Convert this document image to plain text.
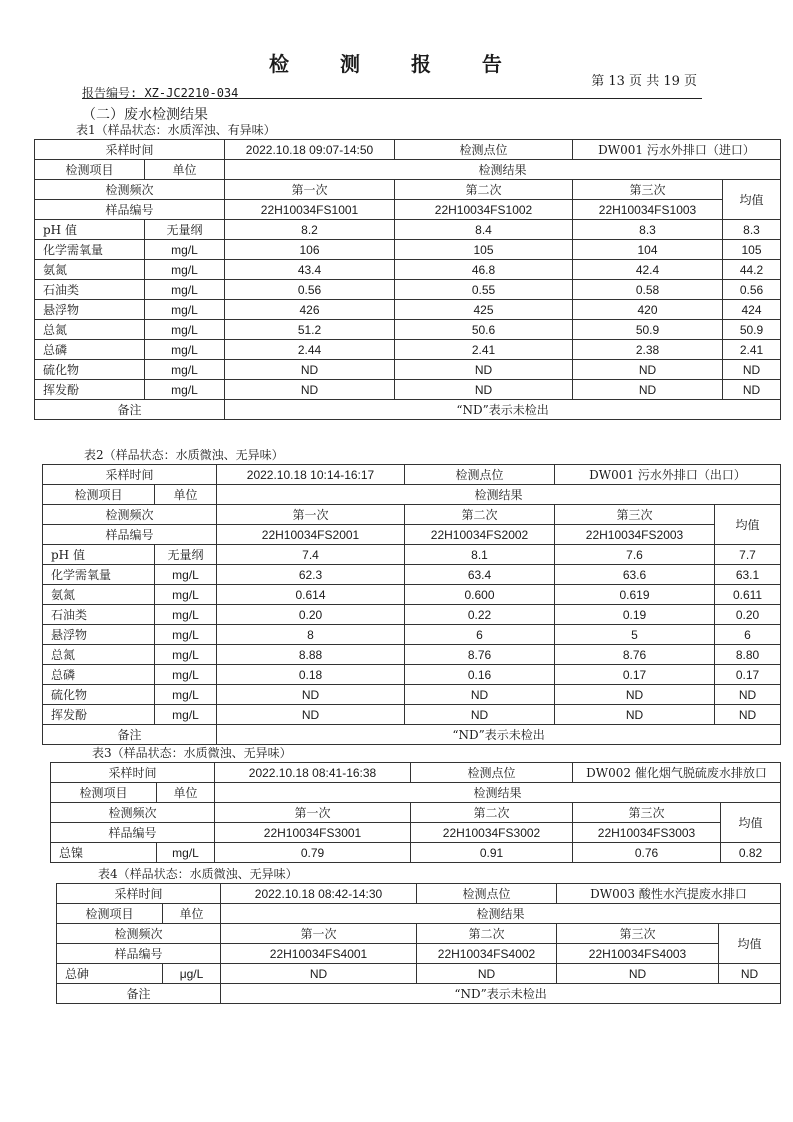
检 测 报 告
第 13 页 共 19 页
报告编号: XZ-JC2210-034
（二）废水检测结果
表1（样品状态：水质浑浊、有异味）
采样时间		2022.10.18 09:07-14:50	检测点位	DW001 污水外排口（进口）	
检测项目	单位	检测结果			
检测频次		第一次	第二次	第三次	均值
样品编号		22H10034FS1001	22H10034FS1002	22H10034FS1003	
pH 值	无量纲	8.2	8.4	8.3	8.3
化学需氧量	mg/L	106	105	104	105
氨氮	mg/L	43.4	46.8	42.4	44.2
石油类	mg/L	0.56	0.55	0.58	0.56
悬浮物	mg/L	426	425	420	424
总氮	mg/L	51.2	50.6	50.9	50.9
总磷	mg/L	2.44	2.41	2.38	2.41
硫化物	mg/L	ND	ND	ND	ND
挥发酚	mg/L	ND	ND	ND	ND
备注		“ND”表示未检出			
表2（样品状态：水质微浊、无异味）
采样时间		2022.10.18 10:14-16:17	检测点位	DW001 污水外排口（出口）	
检测项目	单位	检测结果			
检测频次		第一次	第二次	第三次	均值
样品编号		22H10034FS2001	22H10034FS2002	22H10034FS2003	
pH 值	无量纲	7.4	8.1	7.6	7.7
化学需氧量	mg/L	62.3	63.4	63.6	63.1
氨氮	mg/L	0.614	0.600	0.619	0.611
石油类	mg/L	0.20	0.22	0.19	0.20
悬浮物	mg/L	8	6	5	6
总氮	mg/L	8.88	8.76	8.76	8.80
总磷	mg/L	0.18	0.16	0.17	0.17
硫化物	mg/L	ND	ND	ND	ND
挥发酚	mg/L	ND	ND	ND	ND
备注		“ND”表示未检出			
表3（样品状态：水质微浊、无异味）
采样时间		2022.10.18 08:41-16:38	检测点位	DW002 催化烟气脱硫废水排放口	
检测项目	单位	检测结果			
检测频次		第一次	第二次	第三次	均值
样品编号		22H10034FS3001	22H10034FS3002	22H10034FS3003	
总镍	mg/L	0.79	0.91	0.76	0.82
表4（样品状态：水质微浊、无异味）
采样时间		2022.10.18 08:42-14:30	检测点位	DW003 酸性水汽提废水排口	
检测项目	单位	检测结果			
检测频次		第一次	第二次	第三次	均值
样品编号		22H10034FS4001	22H10034FS4002	22H10034FS4003	
总砷	μg/L	ND	ND	ND	ND
备注		“ND”表示未检出			
